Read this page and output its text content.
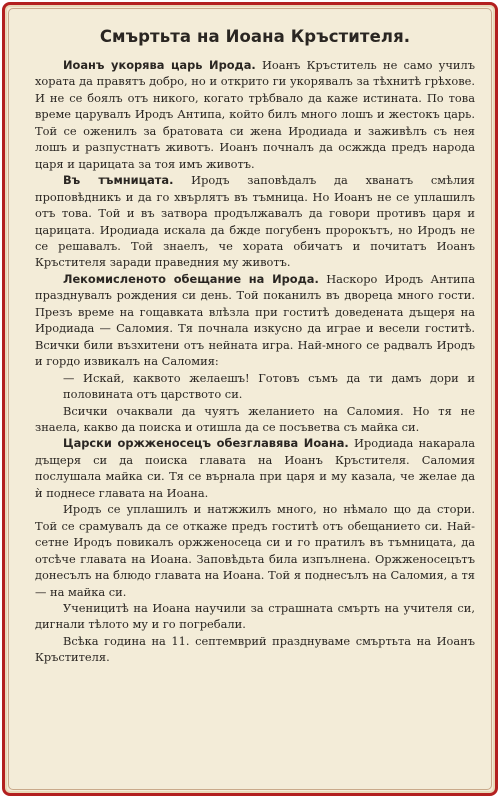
Смъртьта на Иоана Кръстителя.

Иоанъ укорява царь Ирода. Иоанъ Кръститель не само училъ хората да правятъ добро, но и открито ги укорявалъ за тѣхнитѣ грѣхове. И не се боялъ отъ никого, когато трѣбвало да каже истината. По това време царувалъ Иродъ Антипа, който билъ много лошъ и жестокъ царь. Той се оженилъ за братовата си жена Иродиада и заживѣлъ съ нея лошъ и разпустнатъ животъ. Иоанъ почналъ да осжжда предъ народа царя и царицата за тоя имъ животъ.

Въ тъмницата. Иродъ заповѣдалъ да хванатъ смѣлия проповѣдникъ и да го хвърлятъ въ тъмница. Но Иоанъ не се уплашилъ отъ това. Той и въ затвора продължавалъ да говори противъ царя и царицата. Иродиада искала да бжде погубенъ пророкътъ, но Иродъ не се решавалъ. Той знаелъ, че хората обичатъ и почитатъ Иоанъ Кръстителя заради праведния му животъ.

Лекомисленото обещание на Ирода. Наскоро Иродъ Антипа празднувалъ рождения си день. Той поканилъ въ двореца много гости. Презъ време на гощавката влѣзла при гоститѣ доведената дъщеря на Иродиада — Саломия. Тя почнала изкусно да играе и весели гоститѣ. Всички били възхитени отъ нейната игра. Най-много се радвалъ Иродъ и гордо извикалъ на Саломия:

— Искай, каквото желаешъ! Готовъ съмъ да ти дамъ дори и половината отъ царството си.

Всички очаквали да чуятъ желанието на Саломия. Но тя не знаела, какво да поиска и отишла да се посъветва съ майка си.

Царски оржженосецъ обезглавява Иоана. Иродиада накарала дъщеря си да поиска главата на Иоанъ Кръстителя. Саломия послушала майка си. Тя се върнала при царя и му казала, че желае да ѝ поднесе главата на Иоана.

Иродъ се уплашилъ и натжжилъ много, но нѣмало що да стори. Той се срамувалъ да се откаже предъ гоститѣ отъ обещанието си. Най-сетне Иродъ повикалъ оржженосеца си и го пратилъ въ тъмницата, да отсѣче главата на Иоана. Заповѣдьта била изпълнена. Оржженосецътъ донесълъ на блюдо главата на Иоана. Той я поднесълъ на Саломия, а тя — на майка си.

Ученицитѣ на Иоана научили за страшната смърть на учителя си, дигнали тѣлото му и го погребали.

Всѣка година на 11. септемврий празднуваме смъртьта на Иоанъ Кръстителя.
